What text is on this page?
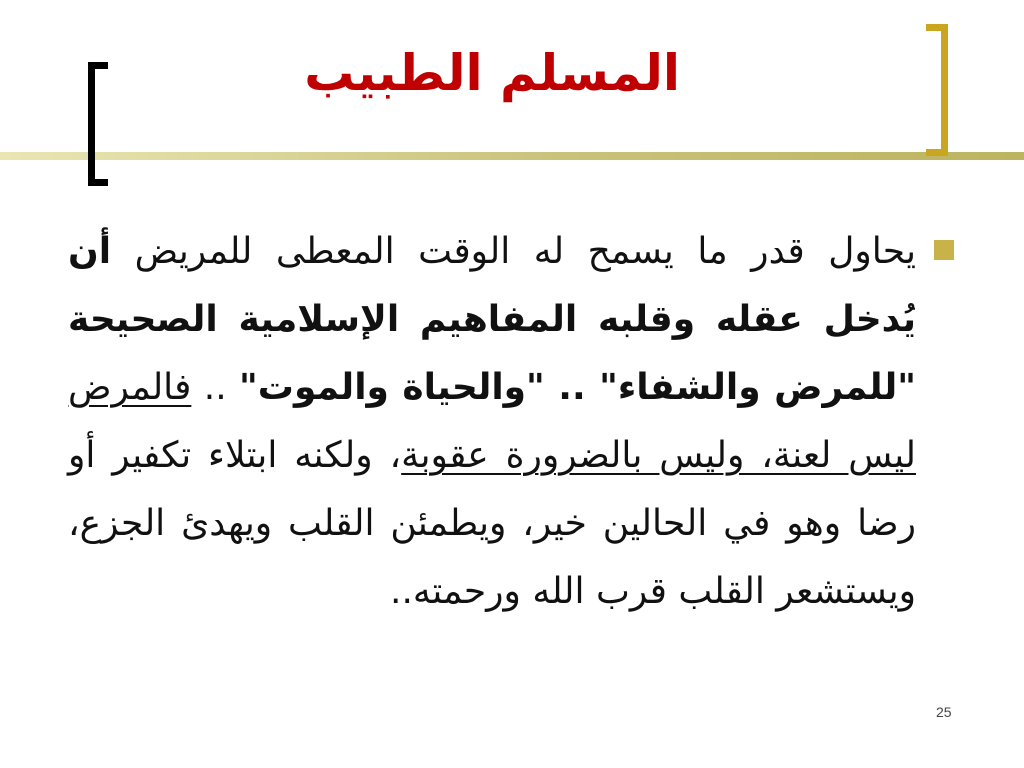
المسلم الطبيب

يحاول قدر ما يسمح له الوقت المعطى للمريض أن يُدخل عقله وقلبه المفاهيم الإسلامية الصحيحة "للمرض والشفاء" .. "والحياة والموت" .. فالمرض ليس لعنة، وليس بالضرورة عقوبة، ولكنه ابتلاء تكفير أو رضا وهو في الحالين خير، ويطمئن القلب ويهدئ الجزع، ويستشعر القلب قرب الله ورحمته..

25
